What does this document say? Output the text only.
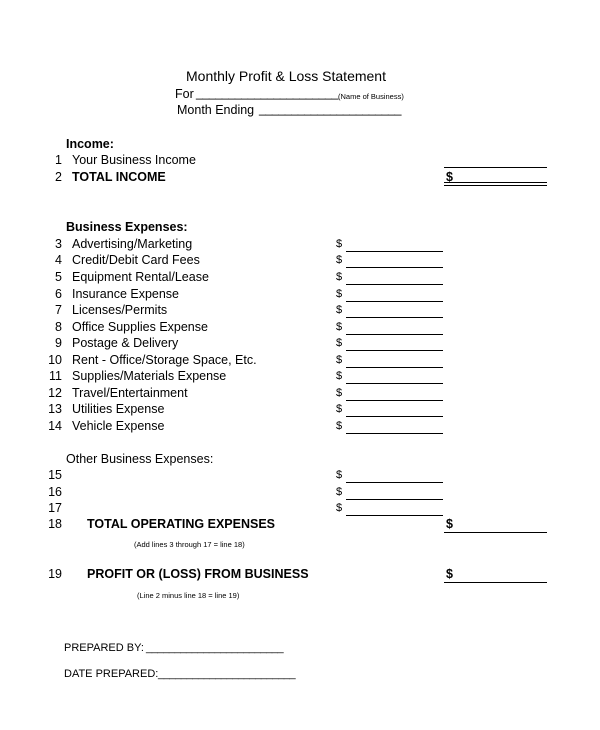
Monthly Profit & Loss Statement
For ______________________ (Name of Business)
Month Ending ______________________
Income:
1 Your Business Income
2 TOTAL INCOME	$
Business Expenses:
3 Advertising/Marketing	$
4 Credit/Debit Card Fees	$
5 Equipment Rental/Lease	$
6 Insurance Expense	$
7 Licenses/Permits	$
8 Office Supplies Expense	$
9 Postage & Delivery	$
10 Rent - Office/Storage Space, Etc.	$
11 Supplies/Materials Expense	$
12 Travel/Entertainment	$
13 Utilities Expense	$
14 Vehicle Expense	$
Other Business Expenses:
15	$
16	$
17	$
18 TOTAL OPERATING EXPENSES	$
(Add lines 3 through 17 = line 18)
19 PROFIT OR (LOSS) FROM BUSINESS	$
(Line 2 minus line 18 = line 19)
PREPARED BY: ________________________
DATE PREPARED: ________________________
